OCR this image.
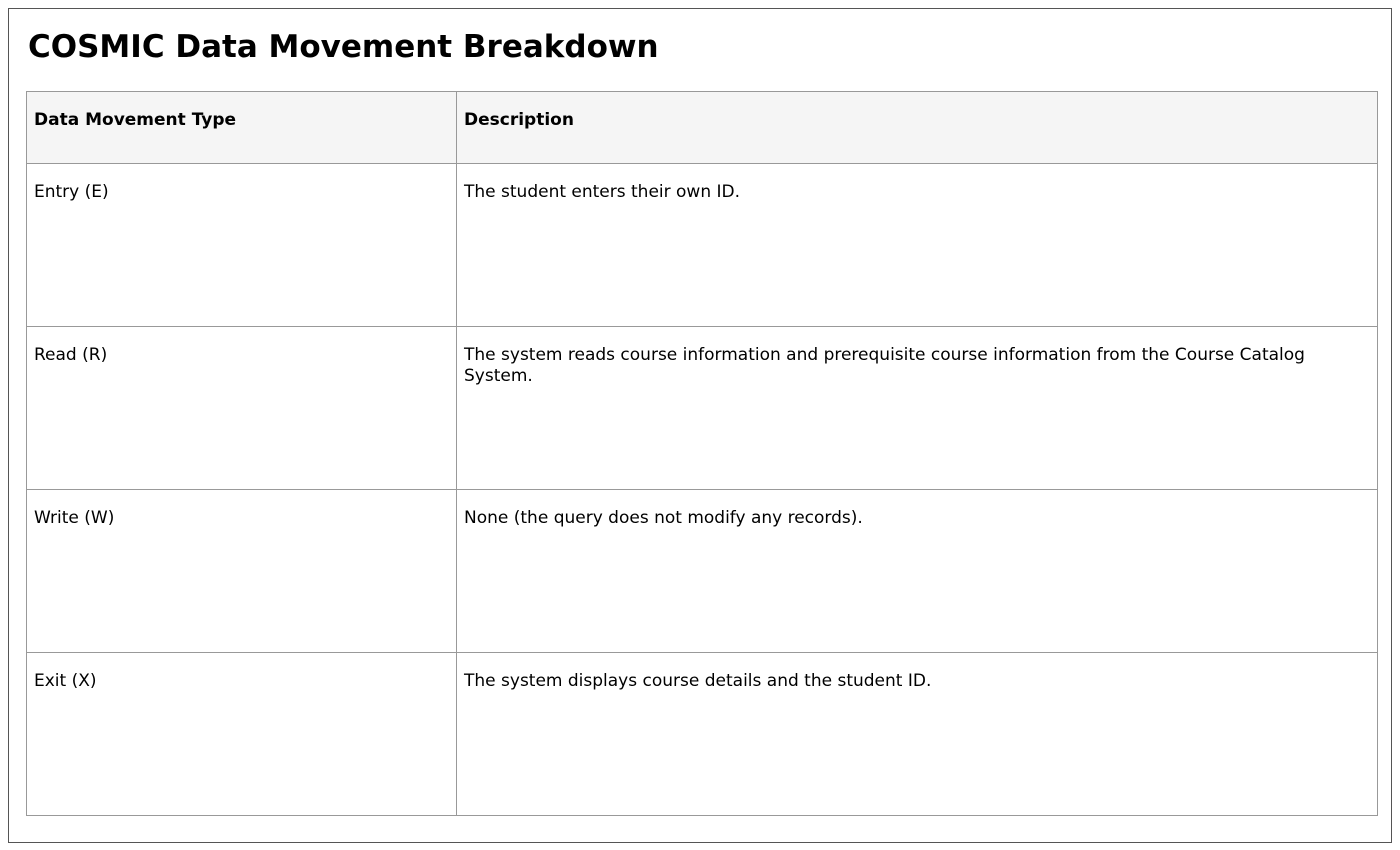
COSMIC Data Movement Breakdown
Data Movement Type	Description
Entry (E)	The student enters their own ID.
Read (R)	The system reads course information and prerequisite course information from the Course Catalog System.
Write (W)	None (the query does not modify any records).
Exit (X)	The system displays course details and the student ID.
